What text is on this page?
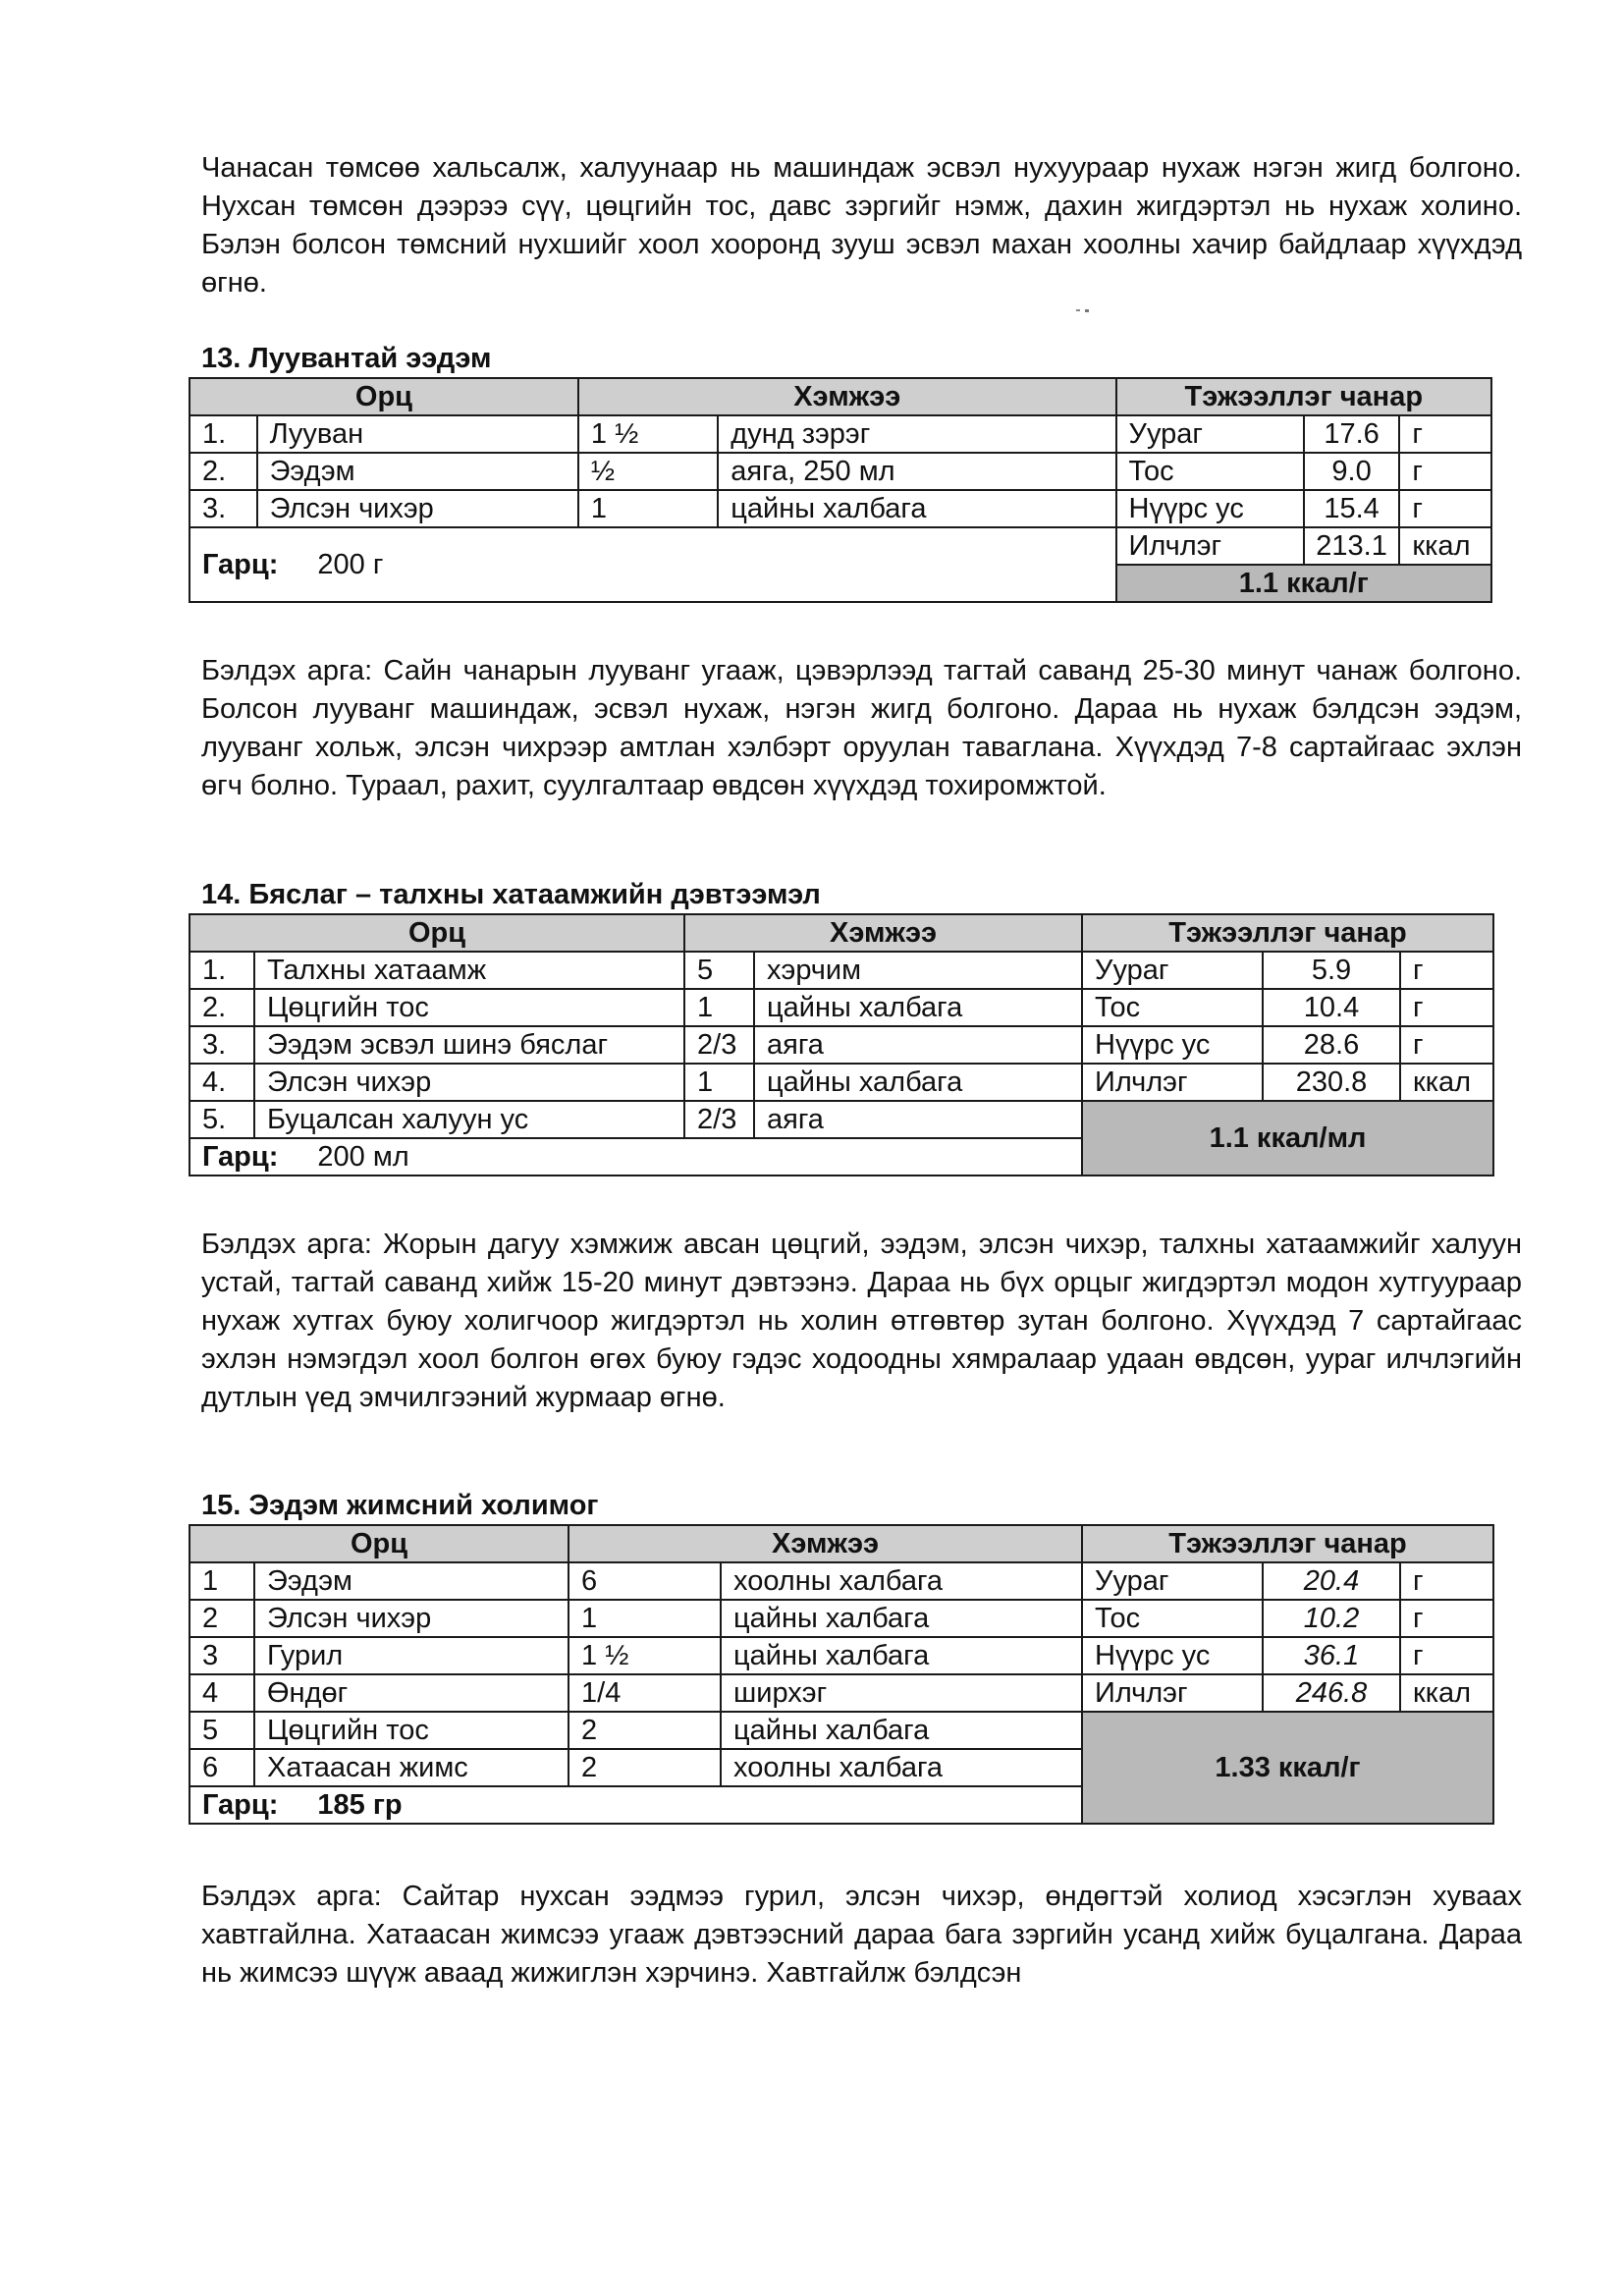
Чанасан төмсөө хальсалж, халуунаар нь машиндаж эсвэл нухуураар нухаж нэгэн жигд болгоно. Нухсан төмсөн дээрээ сүү, цөцгийн тос, давс зэргийг нэмж, дахин жигдэртэл нь нухаж холино. Бэлэн болсон төмсний нухшийг хоол хооронд зууш эсвэл махан хоолны хачир байдлаар хүүхдэд өгнө.

13. Луувантай ээдэм
Орц		Хэмжээ		Тэжээллэг чанар		
1.	Лууван	1 ½	дунд зэрэг	Уураг	17.6	г
2.	Ээдэм	½	аяга, 250 мл	Тос	9.0	г
3.	Элсэн чихэр	1	цайны халбага	Нүүрс ус	15.4	г
Гарц: 200 г				Илчлэг	213.1	ккал
				1.1 ккал/г		

Бэлдэх арга: Сайн чанарын лууванг угааж, цэвэрлээд тагтай саванд 25-30 минут чанаж болгоно. Болсон лууванг машиндаж, эсвэл нухаж, нэгэн жигд болгоно. Дараа нь нухаж бэлдсэн ээдэм, лууванг хольж, элсэн чихрээр амтлан хэлбэрт оруулан тавагланa. Хүүхдэд 7-8 сартайгаас эхлэн өгч болно. Тураал, рахит, суулгалтаар өвдсөн хүүхдэд тохиромжтой.

14. Бяслаг – талхны хатаамжийн дэвтээмэл
Орц		Хэмжээ		Тэжээллэг чанар		
1.	Талхны хатаамж	5	хэрчим	Уураг	5.9	г
2.	Цөцгийн тос	1	цайны халбага	Тос	10.4	г
3.	Ээдэм эсвэл шинэ бяслаг	2/3	аяга	Нүүрс ус	28.6	г
4.	Элсэн чихэр	1	цайны халбага	Илчлэг	230.8	ккал
5.	Буцалсан халуун ус	2/3	аяга	1.1 ккал/мл		
Гарц: 200 мл						

Бэлдэх арга: Жорын дагуу хэмжиж авсан цөцгий, ээдэм, элсэн чихэр, талхны хатаамжийг халуун устай, тагтай саванд хийж 15-20 минут дэвтээнэ. Дараа нь бүх орцыг жигдэртэл модон хутгуураар нухаж хутгах буюу холигчоор жигдэртэл нь холин өтгөвтөр зутан болгоно. Хүүхдэд 7 сартайгаас эхлэн нэмэгдэл хоол болгон өгөх буюу гэдэс ходоодны хямралаар удаан өвдсөн, уураг илчлэгийн дутлын үед эмчилгээний журмаар өгнө.

15. Ээдэм жимсний холимог
Орц		Хэмжээ		Тэжээллэг чанар		
1	Ээдэм	6	хоолны халбага	Уураг	20.4	г
2	Элсэн чихэр	1	цайны халбага	Тос	10.2	г
3	Гурил	1 ½	цайны халбага	Нүүрс ус	36.1	г
4	Өндөг	1/4	ширхэг	Илчлэг	246.8	ккал
5	Цөцгийн тос	2	цайны халбага	1.33 ккал/г		
6	Хатаасан жимс	2	хоолны халбага			
Гарц: 185 гр						

Бэлдэх арга: Сайтар нухсан ээдмээ гурил, элсэн чихэр, өндөгтэй холиод хэсэглэн хуваах хавтгайлна. Хатаасан жимсээ угааж дэвтээсний дараа бага зэргийн усанд хийж буцалгана. Дараа нь жимсээ шүүж аваад жижиглэн хэрчинэ. Хавтгайлж бэлдсэн
